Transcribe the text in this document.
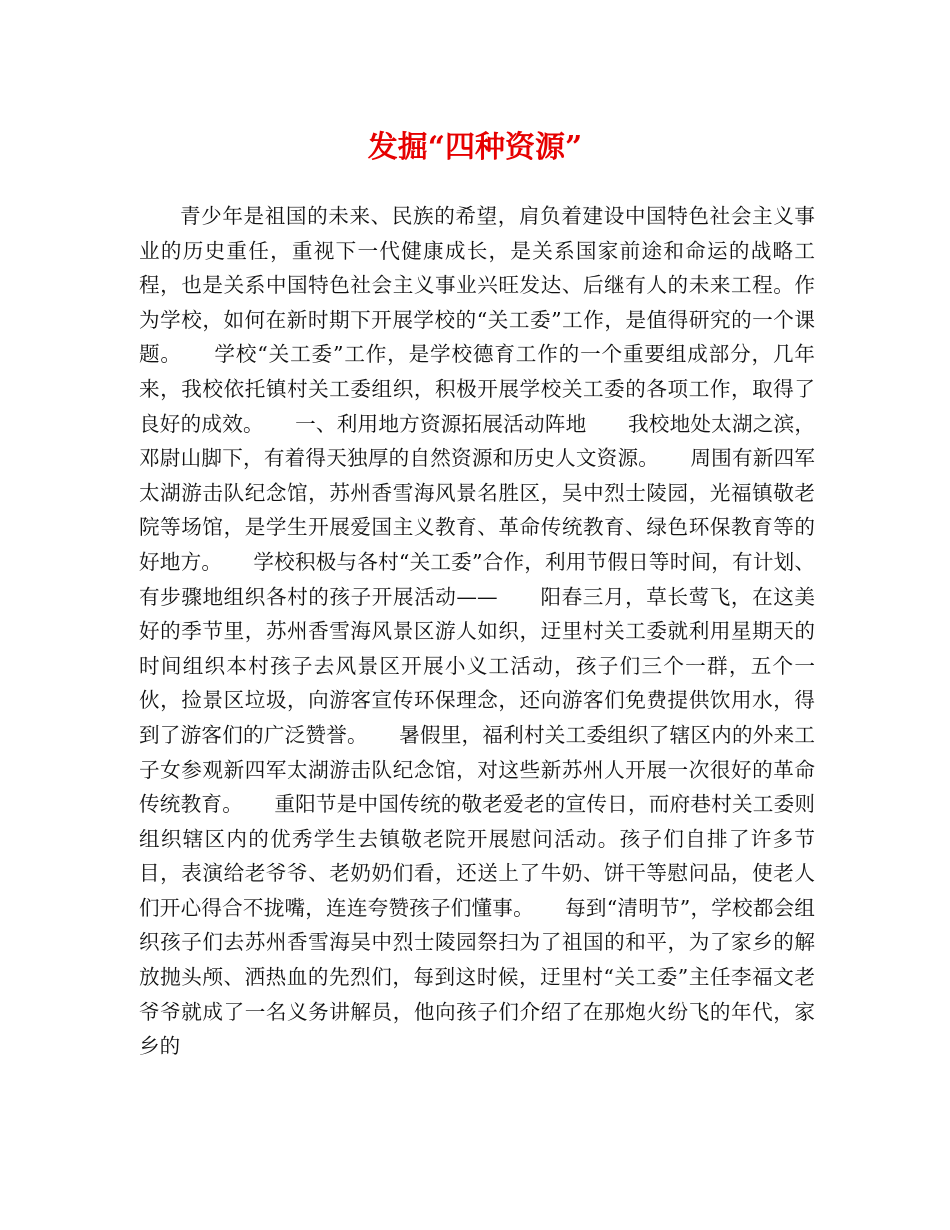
发掘“四种资源”

青少年是祖国的未来、民族的希望，肩负着建设中国特色社会主义事业的历史重任，重视下一代健康成长，是关系国家前途和命运的战略工程，也是关系中国特色社会主义事业兴旺发达、后继有人的未来工程。作为学校，如何在新时期下开展学校的“关工委”工作，是值得研究的一个课题。　　学校“关工委”工作，是学校德育工作的一个重要组成部分，几年来，我校依托镇村关工委组织，积极开展学校关工委的各项工作，取得了良好的成效。　　一、利用地方资源拓展活动阵地　　我校地处太湖之滨，邓尉山脚下，有着得天独厚的自然资源和历史人文资源。　　周围有新四军太湖游击队纪念馆，苏州香雪海风景名胜区，吴中烈士陵园，光福镇敬老院等场馆，是学生开展爱国主义教育、革命传统教育、绿色环保教育等的好地方。　　学校积极与各村“关工委”合作，利用节假日等时间，有计划、有步骤地组织各村的孩子开展活动——　　阳春三月，草长莺飞，在这美好的季节里，苏州香雪海风景区游人如织，迂里村关工委就利用星期天的时间组织本村孩子去风景区开展小义工活动，孩子们三个一群，五个一伙，捡景区垃圾，向游客宣传环保理念，还向游客们免费提供饮用水，得到了游客们的广泛赞誉。　　暑假里，福利村关工委组织了辖区内的外来工子女参观新四军太湖游击队纪念馆，对这些新苏州人开展一次很好的革命传统教育。　　重阳节是中国传统的敬老爱老的宣传日，而府巷村关工委则组织辖区内的优秀学生去镇敬老院开展慰问活动。孩子们自排了许多节目，表演给老爷爷、老奶奶们看，还送上了牛奶、饼干等慰问品，使老人们开心得合不拢嘴，连连夸赞孩子们懂事。　　每到“清明节”，学校都会组织孩子们去苏州香雪海吴中烈士陵园祭扫为了祖国的和平，为了家乡的解放抛头颅、洒热血的先烈们，每到这时候，迂里村“关工委”主任李福文老爷爷就成了一名义务讲解员，他向孩子们介绍了在那炮火纷飞的年代，家乡的
